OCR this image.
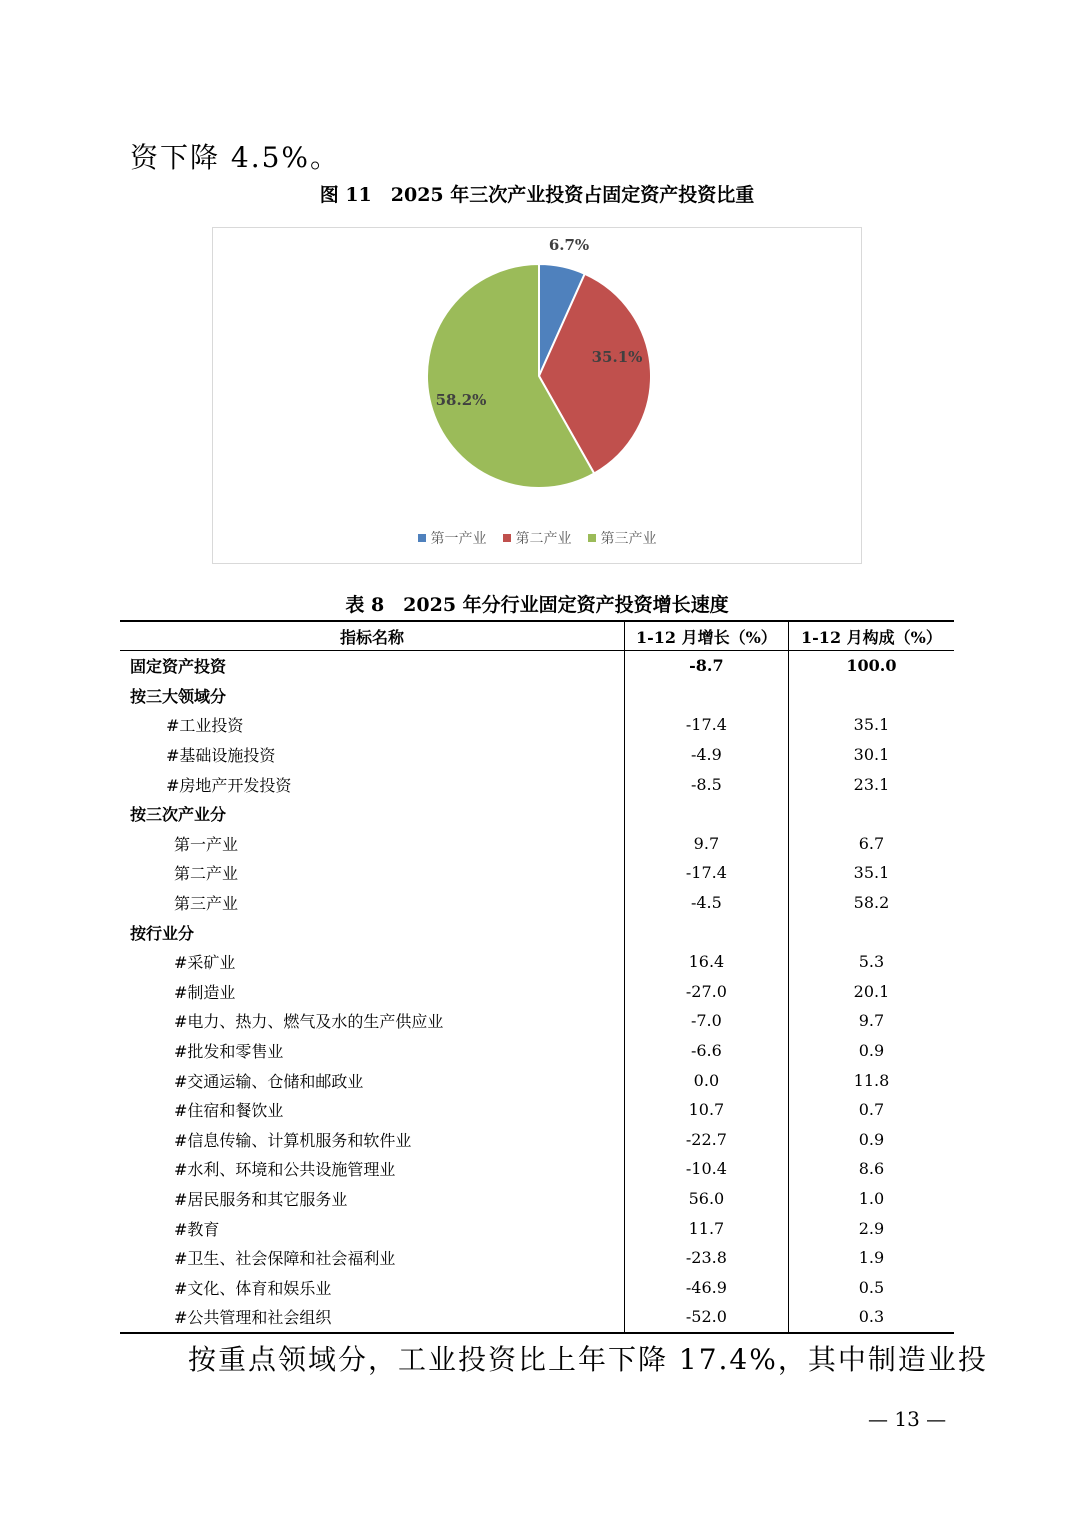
资下降 4.5%。
图 11　2025 年三次产业投资占固定资产投资比重
6.7%
35.1%
58.2%
第一产业 第二产业 第三产业
表 8　2025 年分行业固定资产投资增长速度
指标名称	1-12 月增长（%）	1-12 月构成（%）
固定资产投资	-8.7	100.0
按三大领域分		
#工业投资	-17.4	35.1
#基础设施投资	-4.9	30.1
#房地产开发投资	-8.5	23.1
按三次产业分		
第一产业	9.7	6.7
第二产业	-17.4	35.1
第三产业	-4.5	58.2
按行业分		
#采矿业	16.4	5.3
#制造业	-27.0	20.1
#电力、热力、燃气及水的生产供应业	-7.0	9.7
#批发和零售业	-6.6	0.9
#交通运输、仓储和邮政业	0.0	11.8
#住宿和餐饮业	10.7	0.7
#信息传输、计算机服务和软件业	-22.7	0.9
#水利、环境和公共设施管理业	-10.4	8.6
#居民服务和其它服务业	56.0	1.0
#教育	11.7	2.9
#卫生、社会保障和社会福利业	-23.8	1.9
#文化、体育和娱乐业	-46.9	0.5
#公共管理和社会组织	-52.0	0.3
按重点领域分，工业投资比上年下降 17.4%，其中制造业投
— 13 —
